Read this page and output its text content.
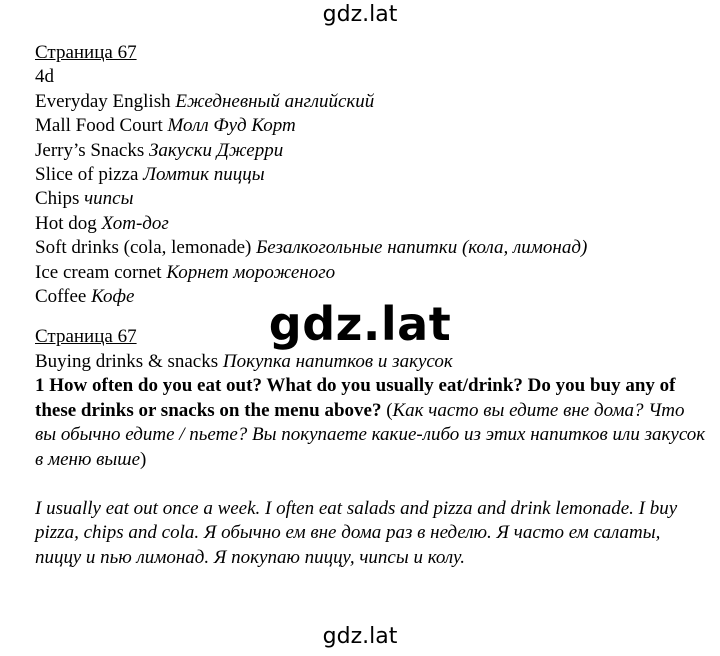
gdz.lat
Страница 67
4d
Everyday English Ежедневный английский
Mall Food Court Молл Фуд Корт
Jerry’s Snacks Закуски Джерри
Slice of pizza Ломтик пиццы
Chips чипсы
Hot dog Хот-дог
Soft drinks (cola, lemonade) Безалкогольные напитки (кола, лимонад)
Ice cream cornet Корнет мороженого
Coffee Кофе
Страница 67
Buying drinks & snacks Покупка напитков и закусок
1 How often do you eat out? What do you usually eat/drink? Do you buy any of these drinks or snacks on the menu above? (Как часто вы едите вне дома? Что вы обычно едите / пьете? Вы покупаете какие-либо из этих напитков или закусок в меню выше)
I usually eat out once a week. I often eat salads and pizza and drink lemonade. I buy pizza, chips and cola. Я обычно ем вне дома раз в неделю. Я часто ем салаты, пиццу и пью лимонад. Я покупаю пиццу, чипсы и колу.
gdz.lat
gdz.lat
